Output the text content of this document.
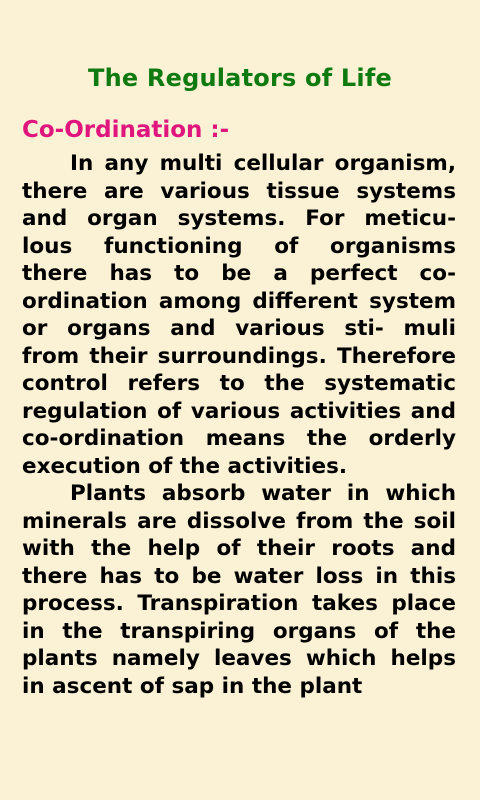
The Regulators of Life
Co-Ordination :-

In any multi cellular organism, there are various tissue systems and organ systems. For meticu- lous functioning of organisms there has to be a perfect co- ordination among different system or organs and various sti- muli from their surroundings. Therefore control refers to the systematic regulation of various activities and co-ordination means the orderly execution of the activities.

Plants absorb water in which minerals are dissolve from the soil with the help of their roots and there has to be water loss in this process. Transpiration takes place in the transpiring organs of the plants namely leaves which helps in ascent of sap in the plant
